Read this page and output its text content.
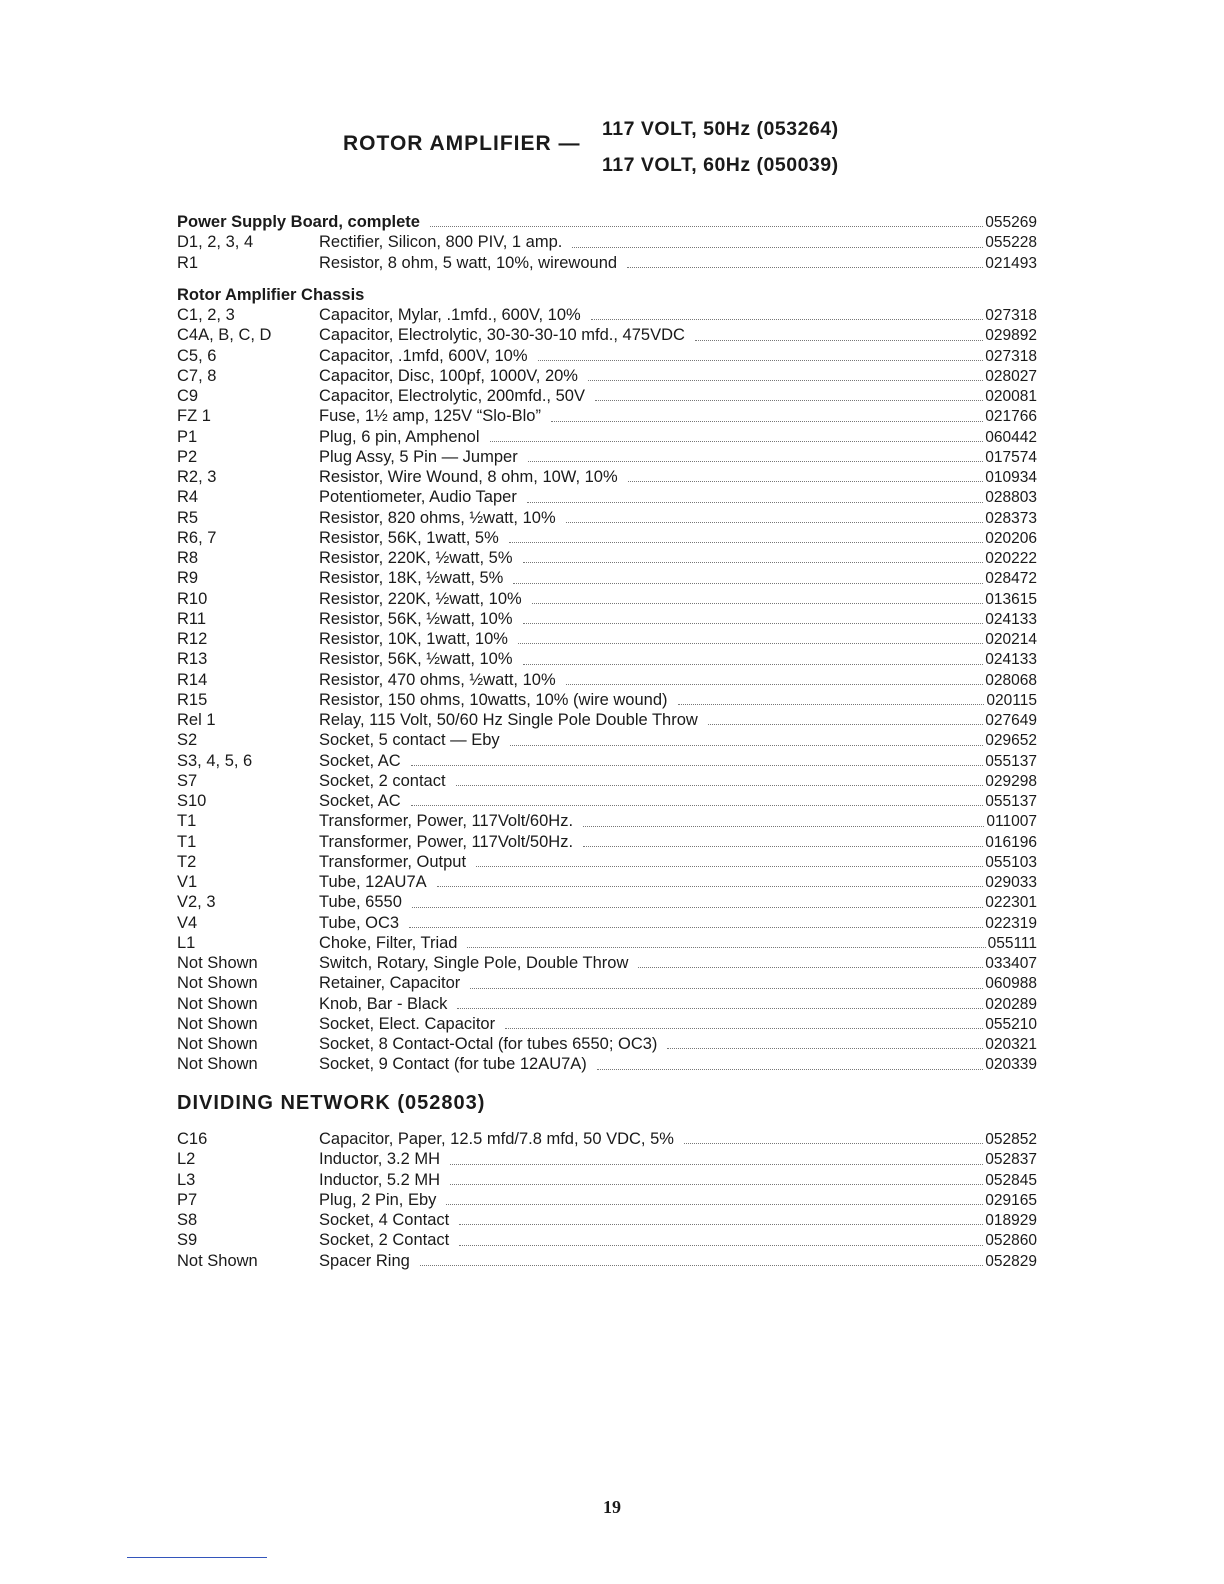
ROTOR AMPLIFIER —
117 VOLT, 50Hz (053264)
117 VOLT, 60Hz (050039)
Power Supply Board, complete	055269
D1, 2, 3, 4	Rectifier, Silicon, 800 PIV, 1 amp.	055228
R1	Resistor, 8 ohm, 5 watt, 10%, wirewound	021493
Rotor Amplifier Chassis
C1, 2, 3	Capacitor, Mylar, .1mfd., 600V, 10%	027318
C4A, B, C, D	Capacitor, Electrolytic, 30-30-30-10 mfd., 475VDC	029892
C5, 6	Capacitor, .1mfd, 600V, 10%	027318
C7, 8	Capacitor, Disc, 100pf, 1000V, 20%	028027
C9	Capacitor, Electrolytic, 200mfd., 50V	020081
FZ 1	Fuse, 1½ amp, 125V “Slo-Blo”	021766
P1	Plug, 6 pin, Amphenol	060442
P2	Plug Assy, 5 Pin — Jumper	017574
R2, 3	Resistor, Wire Wound, 8 ohm, 10W, 10%	010934
R4	Potentiometer, Audio Taper	028803
R5	Resistor, 820 ohms, ½watt, 10%	028373
R6, 7	Resistor, 56K, 1watt, 5%	020206
R8	Resistor, 220K, ½watt, 5%	020222
R9	Resistor, 18K, ½watt, 5%	028472
R10	Resistor, 220K, ½watt, 10%	013615
R11	Resistor, 56K, ½watt, 10%	024133
R12	Resistor, 10K, 1watt, 10%	020214
R13	Resistor, 56K, ½watt, 10%	024133
R14	Resistor, 470 ohms, ½watt, 10%	028068
R15	Resistor, 150 ohms, 10watts, 10% (wire wound)	020115
Rel 1	Relay, 115 Volt, 50/60 Hz Single Pole Double Throw	027649
S2	Socket, 5 contact — Eby	029652
S3, 4, 5, 6	Socket, AC	055137
S7	Socket, 2 contact	029298
S10	Socket, AC	055137
T1	Transformer, Power, 117Volt/60Hz.	011007
T1	Transformer, Power, 117Volt/50Hz.	016196
T2	Transformer, Output	055103
V1	Tube, 12AU7A	029033
V2, 3	Tube, 6550	022301
V4	Tube, OC3	022319
L1	Choke, Filter, Triad	055111
Not Shown	Switch, Rotary, Single Pole, Double Throw	033407
Not Shown	Retainer, Capacitor	060988
Not Shown	Knob, Bar - Black	020289
Not Shown	Socket, Elect. Capacitor	055210
Not Shown	Socket, 8 Contact-Octal (for tubes 6550; OC3)	020321
Not Shown	Socket, 9 Contact (for tube 12AU7A)	020339
DIVIDING NETWORK (052803)
C16	Capacitor, Paper, 12.5 mfd/7.8 mfd, 50 VDC, 5%	052852
L2	Inductor, 3.2 MH	052837
L3	Inductor, 5.2 MH	052845
P7	Plug, 2 Pin, Eby	029165
S8	Socket, 4 Contact	018929
S9	Socket, 2 Contact	052860
Not Shown	Spacer Ring	052829
19
